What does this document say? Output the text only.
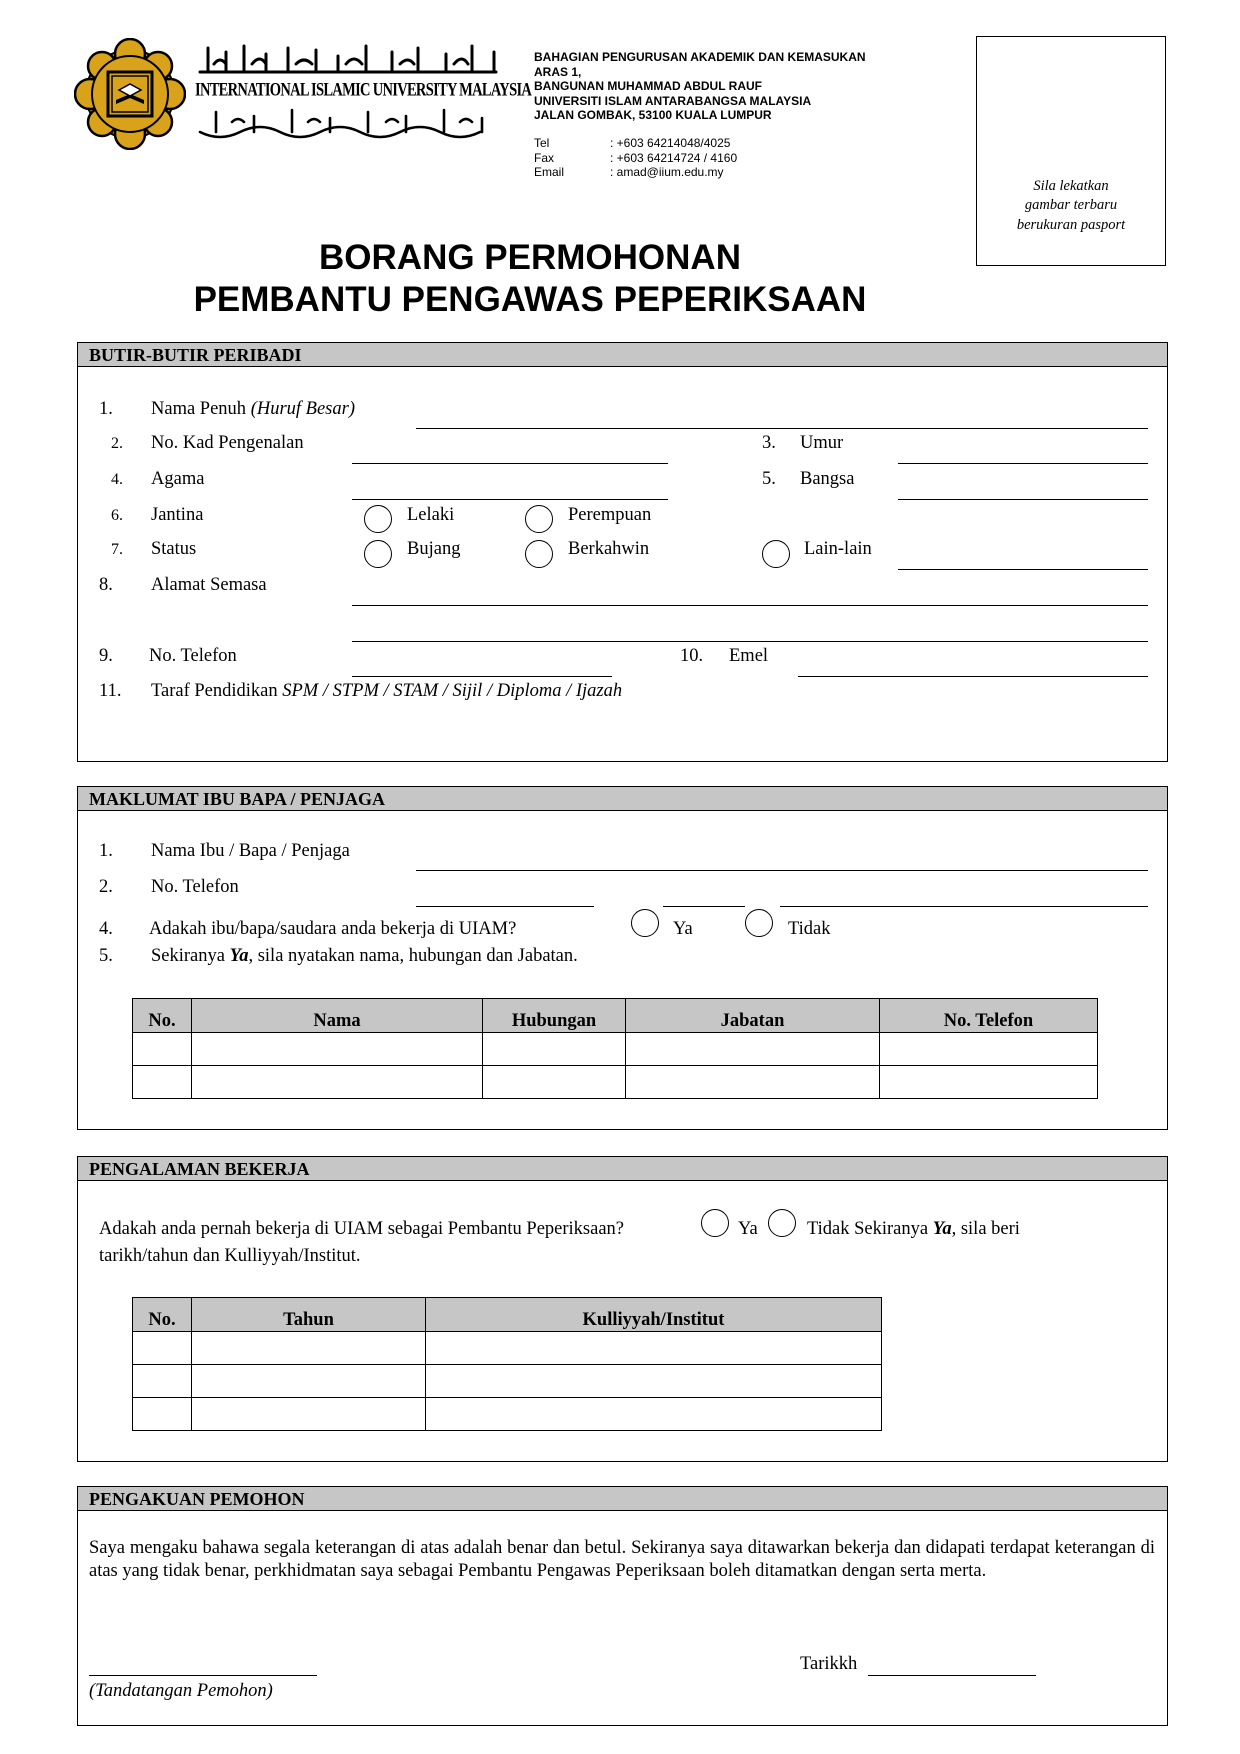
INTERNATIONAL ISLAMIC UNIVERSITY MALAYSIA
BAHAGIAN PENGURUSAN AKADEMIK DAN KEMASUKAN
ARAS 1,
BANGUNAN MUHAMMAD ABDUL RAUF
UNIVERSITI ISLAM ANTARABANGSA MALAYSIA
JALAN GOMBAK, 53100 KUALA LUMPUR
Tel	: +603 64214048/4025
Fax	: +603 64214724 / 4160
Email	: amad@iium.edu.my

Sila lekatkan
gambar terbaru
berukuran pasport

BORANG PERMOHONAN
PEMBANTU PENGAWAS PEPERIKSAAN
BUTIR-BUTIR PERIBADI
1. Nama Penuh (Huruf Besar)
2. No. Kad Pengenalan	3. Umur
4. Agama	5. Bangsa
6. Jantina	Lelaki	Perempuan
7. Status	Bujang	Berkahwin	Lain-lain
8. Alamat Semasa
9. No. Telefon	10. Emel
11. Taraf Pendidikan SPM / STPM / STAM / Sijil / Diploma / Ijazah
MAKLUMAT IBU BAPA / PENJAGA
1. Nama Ibu / Bapa / Penjaga
2. No. Telefon
4. Adakah ibu/bapa/saudara anda bekerja di UIAM?	Ya	Tidak
5. Sekiranya Ya, sila nyatakan nama, hubungan dan Jabatan.
No.	Nama	Hubungan	Jabatan	No. Telefon

PENGALAMAN BEKERJA
Adakah anda pernah bekerja di UIAM sebagai Pembantu Peperiksaan?	Ya	Tidak Sekiranya Ya, sila beri
tarikh/tahun dan Kulliyyah/Institut.
No.	Tahun	Kulliyyah/Institut

PENGAKUAN PEMOHON
Saya mengaku bahawa segala keterangan di atas adalah benar dan betul. Sekiranya saya ditawarkan bekerja dan didapati terdapat keterangan di atas yang tidak benar, perkhidmatan saya sebagai Pembantu Pengawas Peperiksaan boleh ditamatkan dengan serta merta.
(Tandatangan Pemohon)
Tarikkh
